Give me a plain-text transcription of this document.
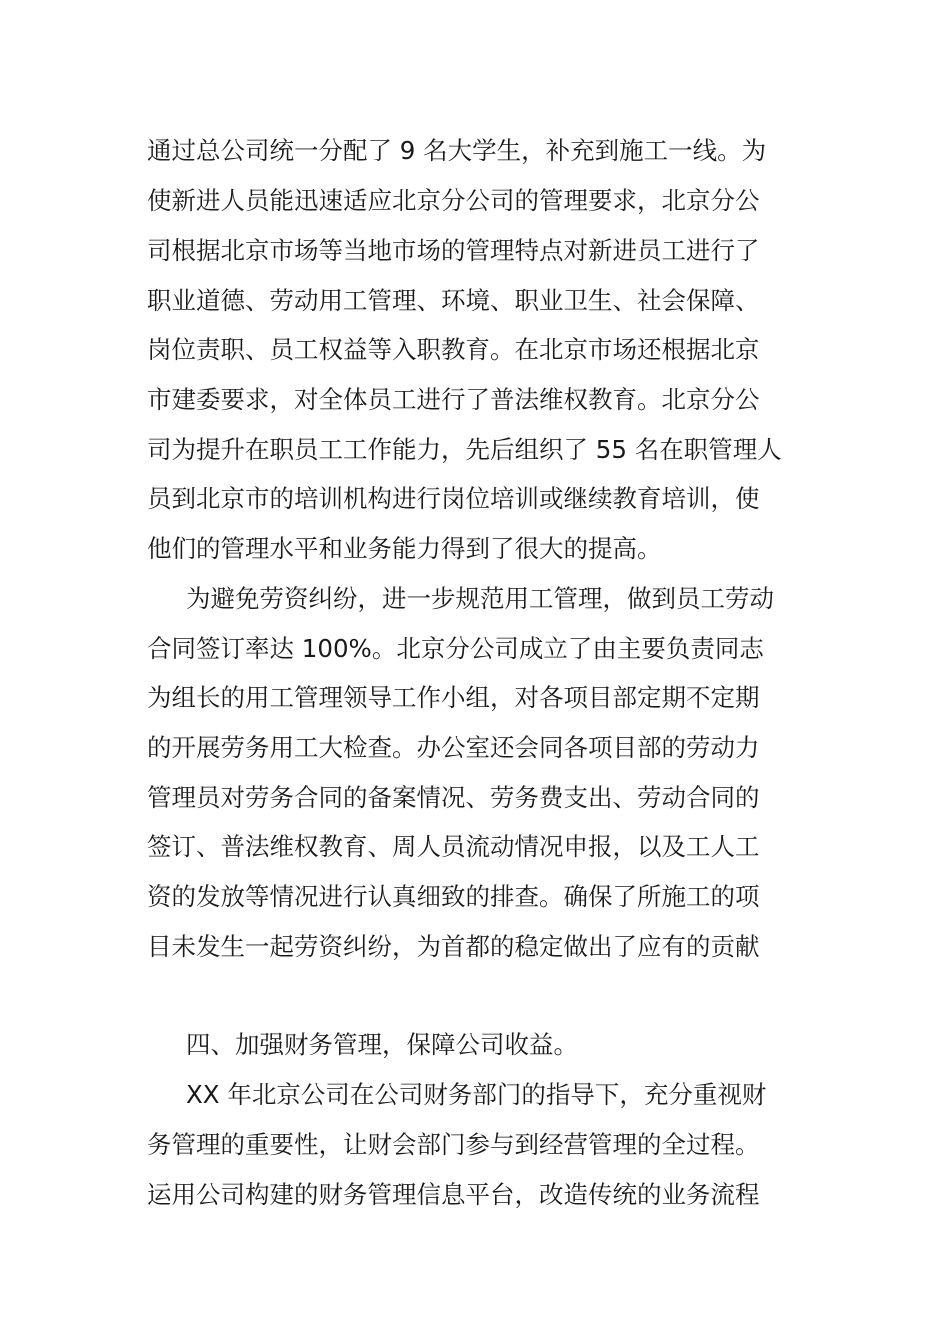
通过总公司统一分配了 9 名大学生，补充到施工一线。为
使新进人员能迅速适应北京分公司的管理要求，北京分公
司根据北京市场等当地市场的管理特点对新进员工进行了
职业道德、劳动用工管理、环境、职业卫生、社会保障、
岗位责职、员工权益等入职教育。在北京市场还根据北京
市建委要求，对全体员工进行了普法维权教育。北京分公
司为提升在职员工工作能力，先后组织了 55 名在职管理人
员到北京市的培训机构进行岗位培训或继续教育培训，使
他们的管理水平和业务能力得到了很大的提高。
为避免劳资纠纷，进一步规范用工管理，做到员工劳动
合同签订率达 100%。北京分公司成立了由主要负责同志
为组长的用工管理领导工作小组，对各项目部定期不定期
的开展劳务用工大检查。办公室还会同各项目部的劳动力
管理员对劳务合同的备案情况、劳务费支出、劳动合同的
签订、普法维权教育、周人员流动情况申报，以及工人工
资的发放等情况进行认真细致的排查。确保了所施工的项
目未发生一起劳资纠纷，为首都的稳定做出了应有的贡献
四、加强财务管理，保障公司收益。
XX 年北京公司在公司财务部门的指导下，充分重视财
务管理的重要性，让财会部门参与到经营管理的全过程。
运用公司构建的财务管理信息平台，改造传统的业务流程
